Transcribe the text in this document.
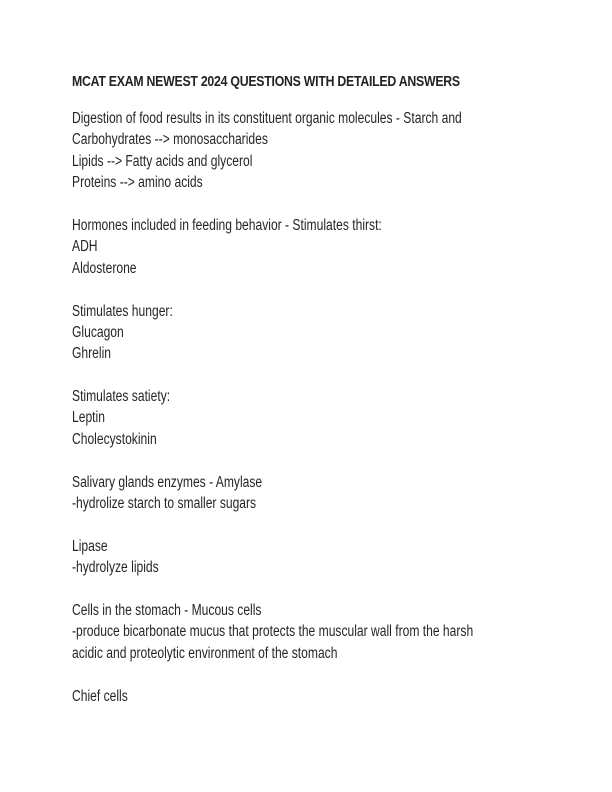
MCAT EXAM NEWEST 2024 QUESTIONS WITH DETAILED ANSWERS
Digestion of food results in its constituent organic molecules - Starch and
Carbohydrates --> monosaccharides
Lipids --> Fatty acids and glycerol
Proteins --> amino acids
Hormones included in feeding behavior - Stimulates thirst:
ADH
Aldosterone
Stimulates hunger:
Glucagon
Ghrelin
Stimulates satiety:
Leptin
Cholecystokinin
Salivary glands enzymes - Amylase
-hydrolize starch to smaller sugars
Lipase
-hydrolyze lipids
Cells in the stomach - Mucous cells
-produce bicarbonate mucus that protects the muscular wall from the harsh
acidic and proteolytic environment of the stomach
Chief cells
